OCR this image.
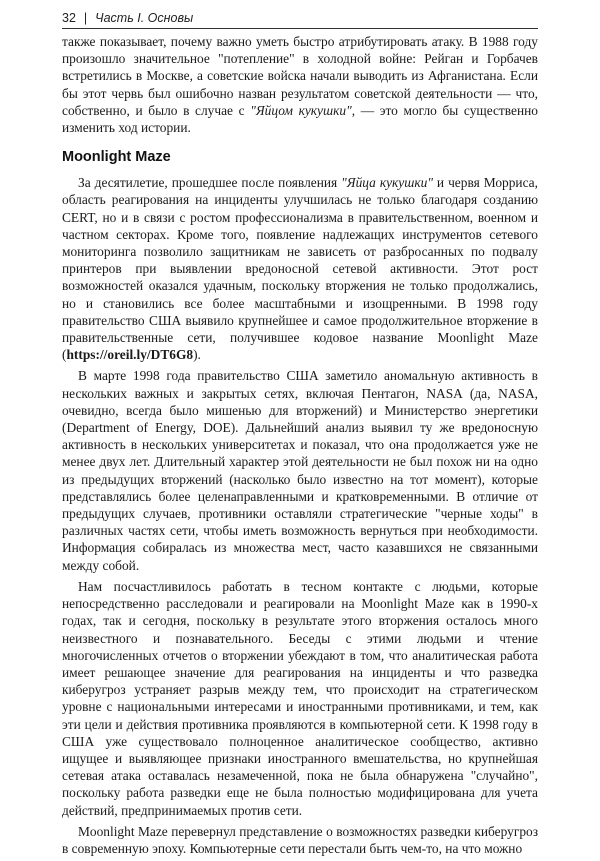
32 | Часть I. Основы

также показывает, почему важно уметь быстро атрибутировать атаку. В 1988 году произошло значительное "потепление" в холодной войне: Рейган и Горбачев встретились в Москве, а советские войска начали выводить из Афганистана. Если бы этот червь был ошибочно назван результатом советской деятельности — что, собственно, и было в случае с "Яйцом кукушки", — это могло бы существенно изменить ход истории.

Moonlight Maze

За десятилетие, прошедшее после появления "Яйца кукушки" и червя Морриса, область реагирования на инциденты улучшилась не только благодаря созданию CERT, но и в связи с ростом профессионализма в правительственном, военном и частном секторах. Кроме того, появление надлежащих инструментов сетевого мониторинга позволило защитникам не зависеть от разбросанных по подвалу принтеров при выявлении вредоносной сетевой активности. Этот рост возможностей оказался удачным, поскольку вторжения не только продолжались, но и становились все более масштабными и изощренными. В 1998 году правительство США выявило крупнейшее и самое продолжительное вторжение в правительственные сети, получившее кодовое название Moonlight Maze (https://oreil.ly/DT6G8).

В марте 1998 года правительство США заметило аномальную активность в нескольких важных и закрытых сетях, включая Пентагон, NASA (да, NASA, очевидно, всегда было мишенью для вторжений) и Министерство энергетики (Department of Energy, DOE). Дальнейший анализ выявил ту же вредоносную активность в нескольких университетах и показал, что она продолжается уже не менее двух лет. Длительный характер этой деятельности не был похож ни на одно из предыдущих вторжений (насколько было известно на тот момент), которые представлялись более целенаправленными и кратковременными. В отличие от предыдущих случаев, противники оставляли стратегические "черные ходы" в различных частях сети, чтобы иметь возможность вернуться при необходимости. Информация собиралась из множества мест, часто казавшихся не связанными между собой.

Нам посчастливилось работать в тесном контакте с людьми, которые непосредственно расследовали и реагировали на Moonlight Maze как в 1990-х годах, так и сегодня, поскольку в результате этого вторжения осталось много неизвестного и познавательного. Беседы с этими людьми и чтение многочисленных отчетов о вторжении убеждают в том, что аналитическая работа имеет решающее значение для реагирования на инциденты и что разведка киберугроз устраняет разрыв между тем, что происходит на стратегическом уровне с национальными интересами и иностранными противниками, и тем, как эти цели и действия противника проявляются в компьютерной сети. К 1998 году в США уже существовало полноценное аналитическое сообщество, активно ищущее и выявляющее признаки иностранного вмешательства, но крупнейшая сетевая атака оставалась незамеченной, пока не была обнаружена "случайно", поскольку работа разведки еще не была полностью модифицирована для учета действий, предпринимаемых против сети.

Moonlight Maze перевернул представление о возможностях разведки киберугроз в современную эпоху. Компьютерные сети перестали быть чем-то, на что можно
